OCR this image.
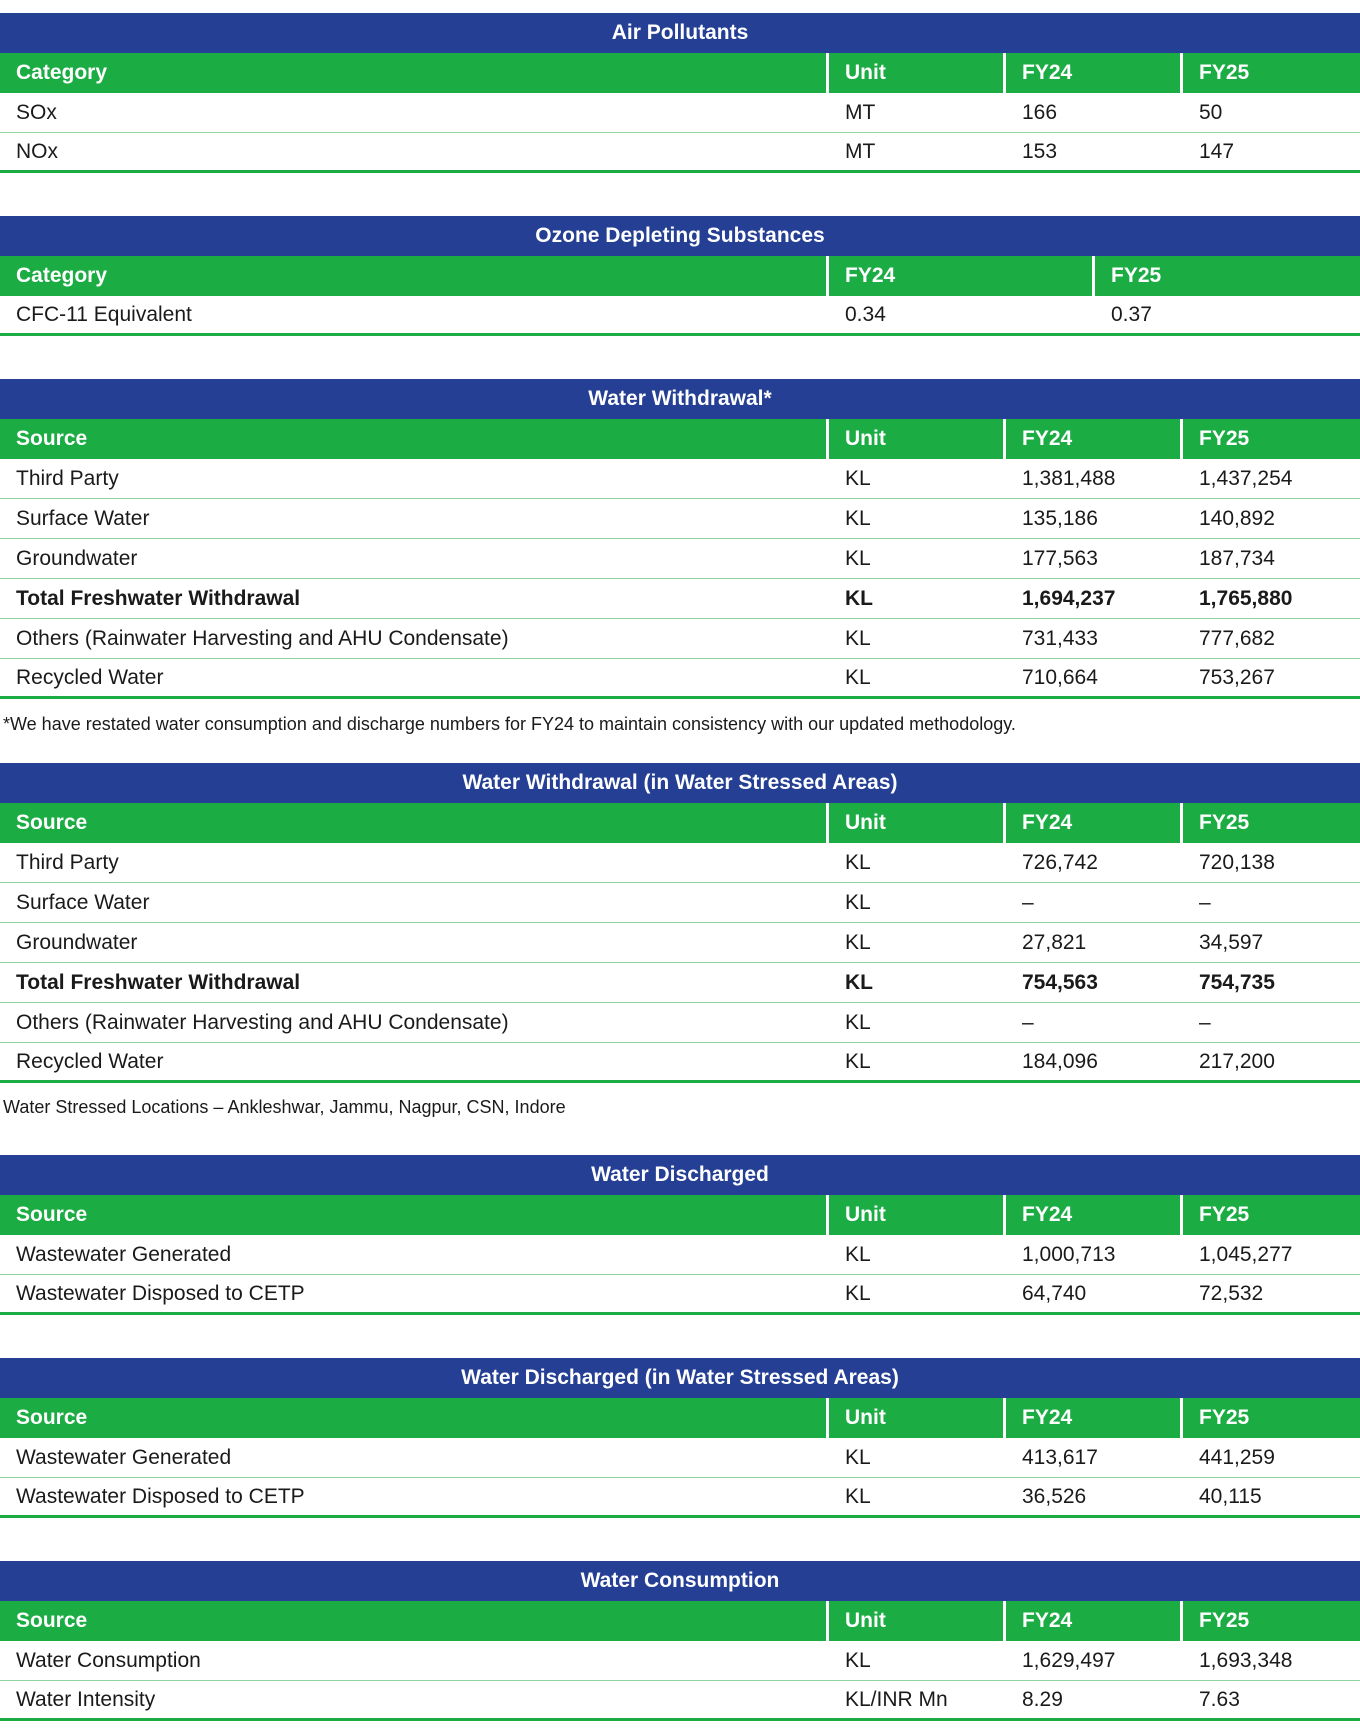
Air Pollutants
Category	Unit	FY24	FY25
SOx	MT	166	50
NOx	MT	153	147
Ozone Depleting Substances
Category	FY24	FY25
CFC-11 Equivalent	0.34	0.37
Water Withdrawal*
Source	Unit	FY24	FY25
Third Party	KL	1,381,488	1,437,254
Surface Water	KL	135,186	140,892
Groundwater	KL	177,563	187,734
Total Freshwater Withdrawal	KL	1,694,237	1,765,880
Others (Rainwater Harvesting and AHU Condensate)	KL	731,433	777,682
Recycled Water	KL	710,664	753,267
*We have restated water consumption and discharge numbers for FY24 to maintain consistency with our updated methodology.
Water Withdrawal (in Water Stressed Areas)
Source	Unit	FY24	FY25
Third Party	KL	726,742	720,138
Surface Water	KL	–	–
Groundwater	KL	27,821	34,597
Total Freshwater Withdrawal	KL	754,563	754,735
Others (Rainwater Harvesting and AHU Condensate)	KL	–	–
Recycled Water	KL	184,096	217,200
Water Stressed Locations – Ankleshwar, Jammu, Nagpur, CSN, Indore
Water Discharged
Source	Unit	FY24	FY25
Wastewater Generated	KL	1,000,713	1,045,277
Wastewater Disposed to CETP	KL	64,740	72,532
Water Discharged (in Water Stressed Areas)
Source	Unit	FY24	FY25
Wastewater Generated	KL	413,617	441,259
Wastewater Disposed to CETP	KL	36,526	40,115
Water Consumption
Source	Unit	FY24	FY25
Water Consumption	KL	1,629,497	1,693,348
Water Intensity	KL/INR Mn	8.29	7.63
